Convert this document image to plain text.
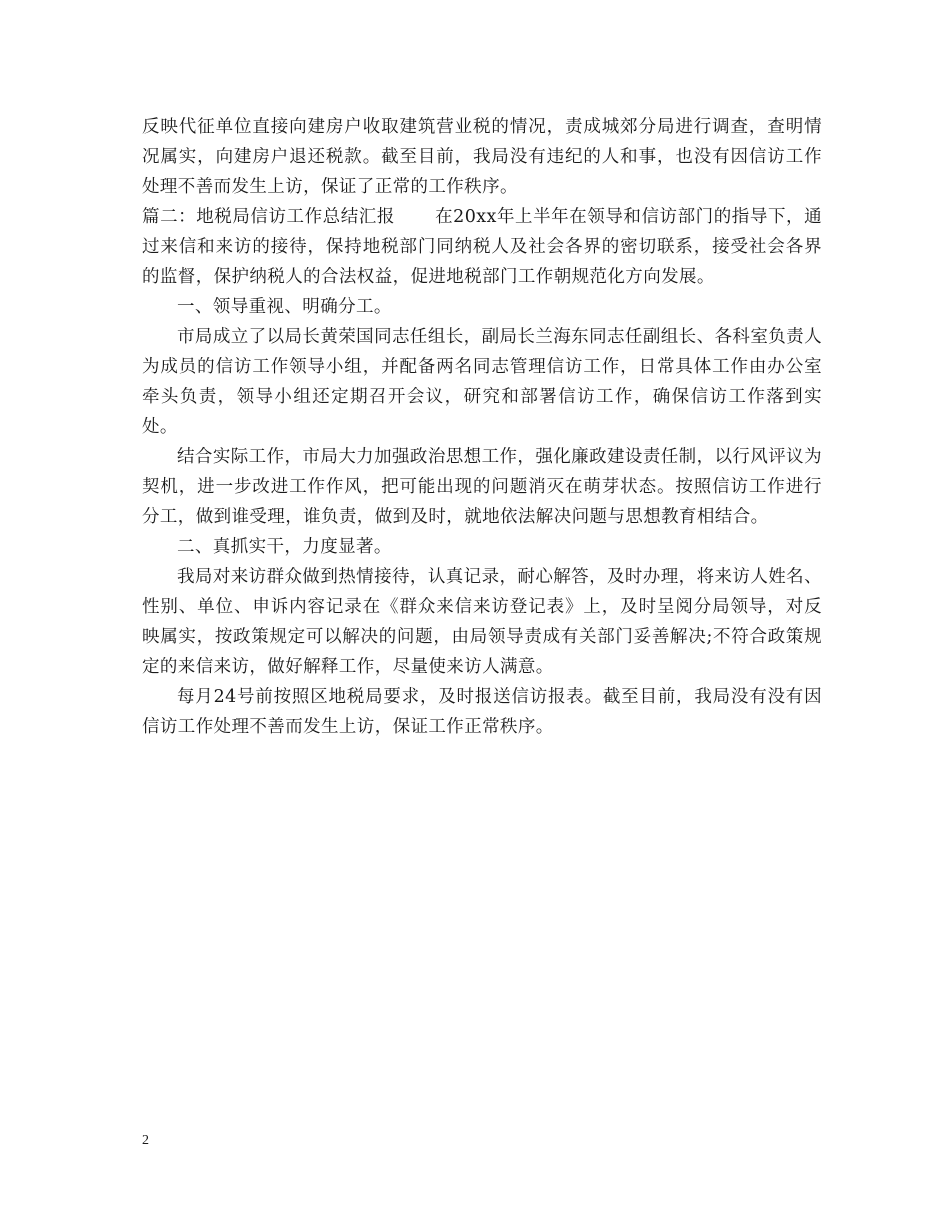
反映代征单位直接向建房户收取建筑营业税的情况，责成城郊分局进行调查，查明情况属实，向建房户退还税款。截至目前，我局没有违纪的人和事，也没有因信访工作处理不善而发生上访，保证了正常的工作秩序。

篇二：地税局信访工作总结汇报 在20xx年上半年在领导和信访部门的指导下，通过来信和来访的接待，保持地税部门同纳税人及社会各界的密切联系，接受社会各界的监督，保护纳税人的合法权益，促进地税部门工作朝规范化方向发展。

一、领导重视、明确分工。

市局成立了以局长黄荣国同志任组长，副局长兰海东同志任副组长、各科室负责人为成员的信访工作领导小组，并配备两名同志管理信访工作，日常具体工作由办公室牵头负责，领导小组还定期召开会议，研究和部署信访工作，确保信访工作落到实处。

结合实际工作，市局大力加强政治思想工作，强化廉政建设责任制，以行风评议为契机，进一步改进工作作风，把可能出现的问题消灭在萌芽状态。按照信访工作进行分工，做到谁受理，谁负责，做到及时，就地依法解决问题与思想教育相结合。

二、真抓实干，力度显著。

我局对来访群众做到热情接待，认真记录，耐心解答，及时办理，将来访人姓名、性别、单位、申诉内容记录在《群众来信来访登记表》上，及时呈阅分局领导，对反映属实，按政策规定可以解决的问题，由局领导责成有关部门妥善解决;不符合政策规定的来信来访，做好解释工作，尽量使来访人满意。

每月24号前按照区地税局要求，及时报送信访报表。截至目前，我局没有没有因信访工作处理不善而发生上访，保证工作正常秩序。

2
